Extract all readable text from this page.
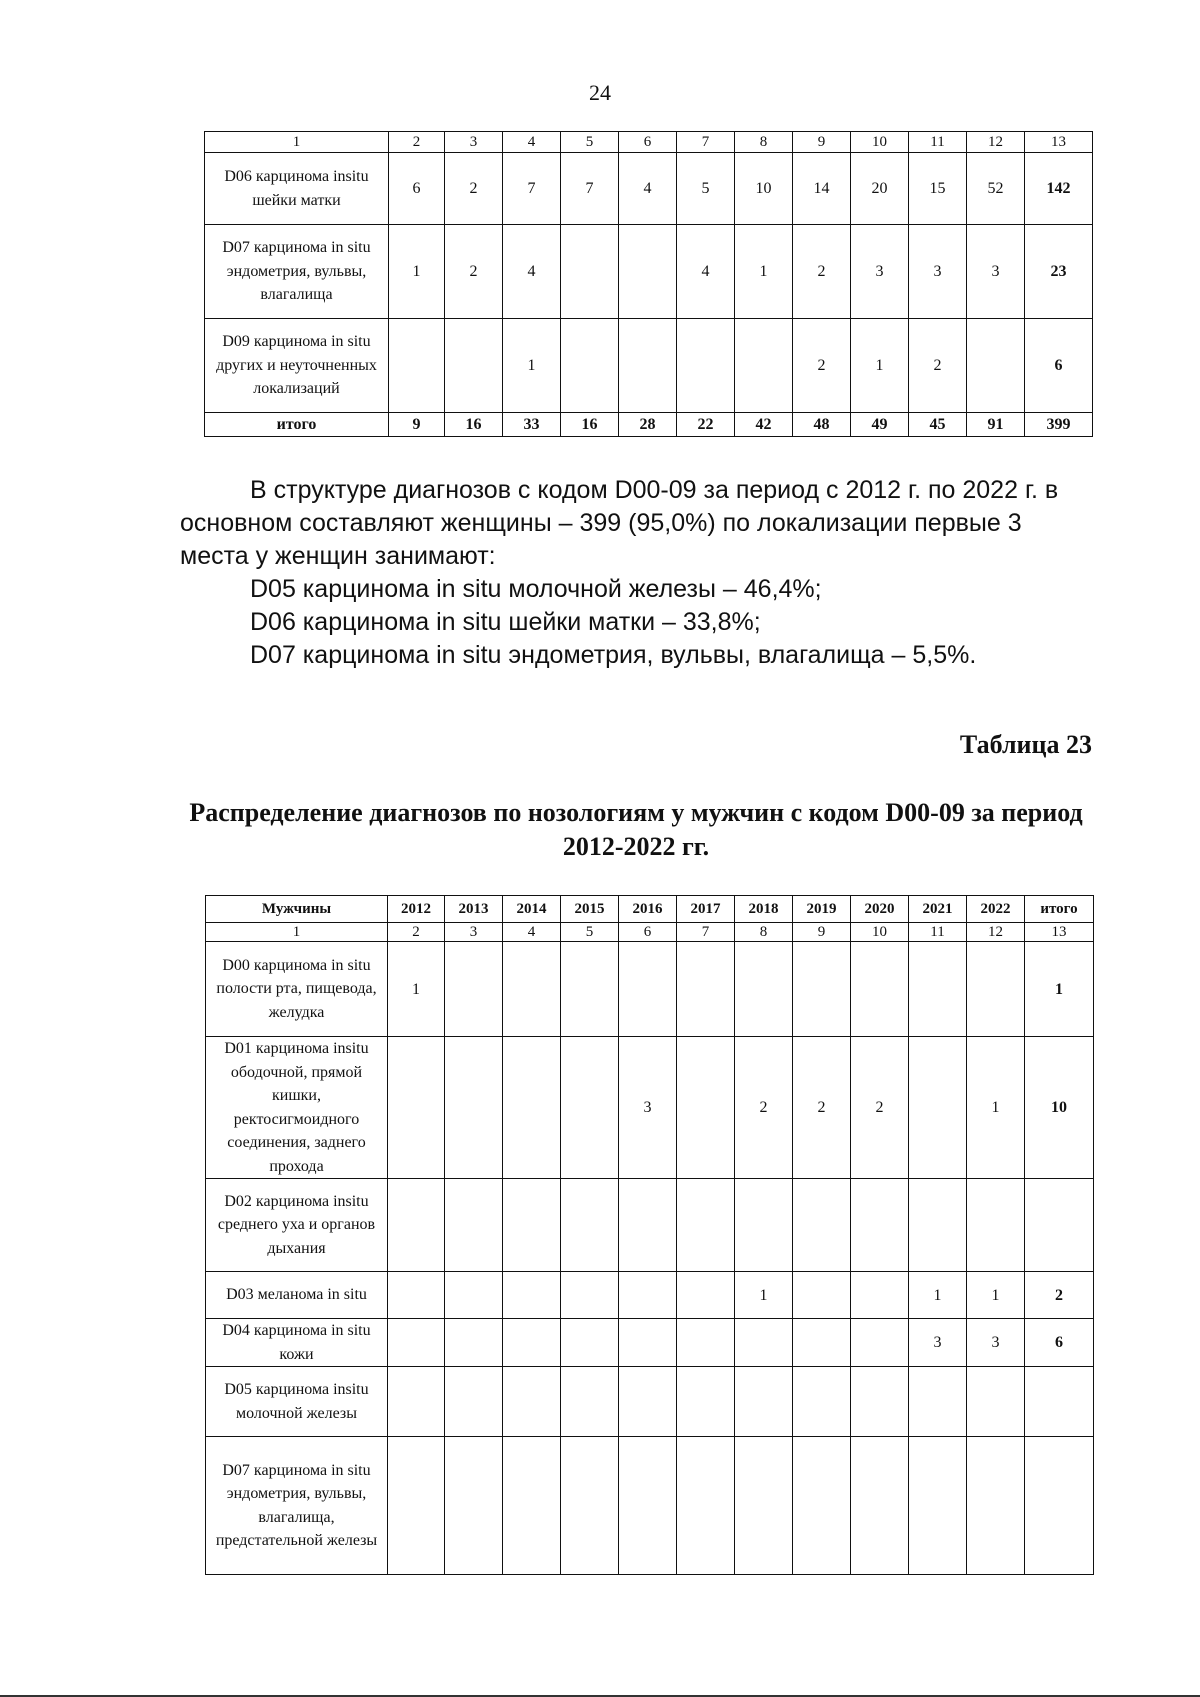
24
1	2	3	4	5	6	7	8	9	10	11	12	13
D06 карцинома insitu шейки матки	6	2	7	7	4	5	10	14	20	15	52	142
D07 карцинома in situ эндометрия, вульвы, влагалища	1	2	4			4	1	2	3	3	3	23
D09 карцинома in situ других и неуточненных локализаций			1					2	1	2		6
итого	9	16	33	16	28	22	42	48	49	45	91	399

В структуре диагнозов с кодом D00-09 за период с 2012 г. по 2022 г. в основном составляют женщины – 399 (95,0%) по локализации первые 3 места у женщин занимают:

D05 карцинома in situ молочной железы – 46,4%;

D06 карцинома in situ шейки матки – 33,8%;

D07 карцинома in situ эндометрия, вульвы, влагалища – 5,5%.

Таблица 23
Распределение диагнозов по нозологиям у мужчин с кодом D00-09 за период 2012-2022 гг.
Мужчины	2012	2013	2014	2015	2016	2017	2018	2019	2020	2021	2022	итого
1	2	3	4	5	6	7	8	9	10	11	12	13
D00 карцинома in situ полости рта, пищевода, желудка	1											1
D01 карцинома insitu ободочной, прямой кишки, ректосигмоидного соединения, заднего прохода					3		2	2	2		1	10
D02 карцинома insitu среднего уха и органов дыхания												
D03 меланома in situ							1			1	1	2
D04 карцинома in situ кожи										3	3	6
D05 карцинома insitu молочной железы												
D07 карцинома in situ эндометрия, вульвы, влагалища, предстательной железы												
